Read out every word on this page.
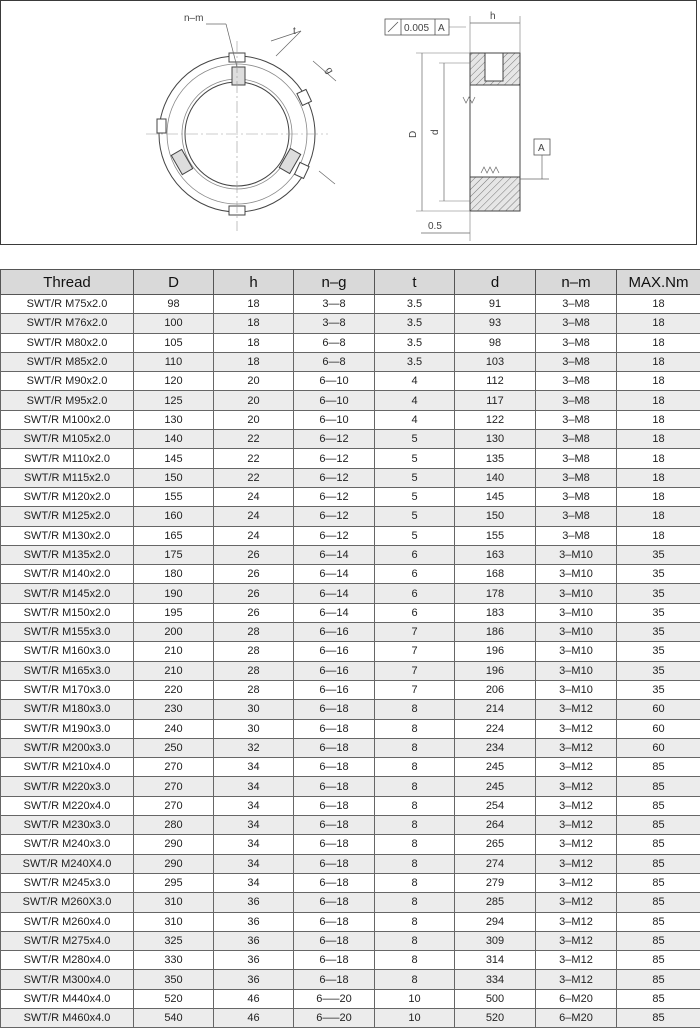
n–m
t
g
D d
h
A
0.005 A
0.5
Thread	D	h	n–g	t	d	n–m	MAX.Nm
SWT/R M75x2.0	98	18	3—8	3.5	91	3–M8	18
SWT/R M76x2.0	100	18	3—8	3.5	93	3–M8	18
SWT/R M80x2.0	105	18	6—8	3.5	98	3–M8	18
SWT/R M85x2.0	110	18	6—8	3.5	103	3–M8	18
SWT/R M90x2.0	120	20	6—10	4	112	3–M8	18
SWT/R M95x2.0	125	20	6—10	4	117	3–M8	18
SWT/R M100x2.0	130	20	6—10	4	122	3–M8	18
SWT/R M105x2.0	140	22	6—12	5	130	3–M8	18
SWT/R M110x2.0	145	22	6—12	5	135	3–M8	18
SWT/R M115x2.0	150	22	6—12	5	140	3–M8	18
SWT/R M120x2.0	155	24	6—12	5	145	3–M8	18
SWT/R M125x2.0	160	24	6—12	5	150	3–M8	18
SWT/R M130x2.0	165	24	6—12	5	155	3–M8	18
SWT/R M135x2.0	175	26	6—14	6	163	3–M10	35
SWT/R M140x2.0	180	26	6—14	6	168	3–M10	35
SWT/R M145x2.0	190	26	6—14	6	178	3–M10	35
SWT/R M150x2.0	195	26	6—14	6	183	3–M10	35
SWT/R M155x3.0	200	28	6—16	7	186	3–M10	35
SWT/R M160x3.0	210	28	6—16	7	196	3–M10	35
SWT/R M165x3.0	210	28	6—16	7	196	3–M10	35
SWT/R M170x3.0	220	28	6—16	7	206	3–M10	35
SWT/R M180x3.0	230	30	6—18	8	214	3–M12	60
SWT/R M190x3.0	240	30	6—18	8	224	3–M12	60
SWT/R M200x3.0	250	32	6—18	8	234	3–M12	60
SWT/R M210x4.0	270	34	6—18	8	245	3–M12	85
SWT/R M220x3.0	270	34	6—18	8	245	3–M12	85
SWT/R M220x4.0	270	34	6—18	8	254	3–M12	85
SWT/R M230x3.0	280	34	6—18	8	264	3–M12	85
SWT/R M240x3.0	290	34	6—18	8	265	3–M12	85
SWT/R M240X4.0	290	34	6—18	8	274	3–M12	85
SWT/R M245x3.0	295	34	6—18	8	279	3–M12	85
SWT/R M260X3.0	310	36	6—18	8	285	3–M12	85
SWT/R M260x4.0	310	36	6—18	8	294	3–M12	85
SWT/R M275x4.0	325	36	6—18	8	309	3–M12	85
SWT/R M280x4.0	330	36	6—18	8	314	3–M12	85
SWT/R M300x4.0	350	36	6—18	8	334	3–M12	85
SWT/R M440x4.0	520	46	6–—20	10	500	6–M20	85
SWT/R M460x4.0	540	46	6–—20	10	520	6–M20	85
